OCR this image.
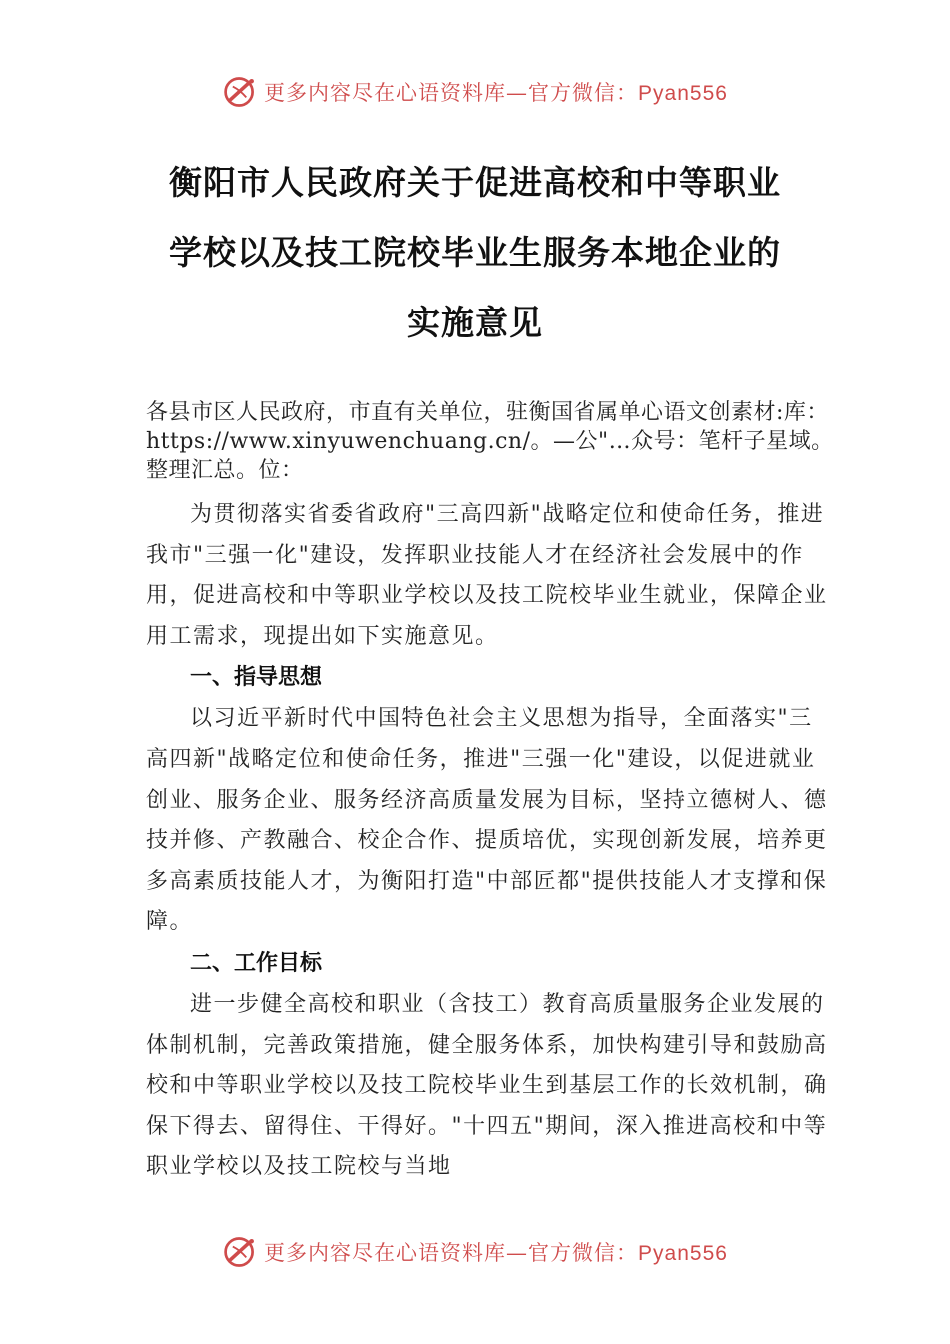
更多内容尽在心语资料库—官方微信：Pyan556
衡阳市人民政府关于促进高校和中等职业
学校以及技工院校毕业生服务本地企业的
实施意见

各县市区人民政府，市直有关单位，驻衡国省属单心语文创素材:库：https://www.xinyuwenchuang.cn/。—公"…众号：笔杆子星域。整理汇总。位：

为贯彻落实省委省政府"三高四新"战略定位和使命任务，推进我市"三强一化"建设，发挥职业技能人才在经济社会发展中的作用，促进高校和中等职业学校以及技工院校毕业生就业，保障企业用工需求，现提出如下实施意见。

一、指导思想

以习近平新时代中国特色社会主义思想为指导，全面落实"三高四新"战略定位和使命任务，推进"三强一化"建设，以促进就业创业、服务企业、服务经济高质量发展为目标，坚持立德树人、德技并修、产教融合、校企合作、提质培优，实现创新发展，培养更多高素质技能人才，为衡阳打造"中部匠都"提供技能人才支撑和保障。

二、工作目标

进一步健全高校和职业（含技工）教育高质量服务企业发展的体制机制，完善政策措施，健全服务体系，加快构建引导和鼓励高校和中等职业学校以及技工院校毕业生到基层工作的长效机制，确保下得去、留得住、干得好。"十四五"期间，深入推进高校和中等职业学校以及技工院校与当地

更多内容尽在心语资料库—官方微信：Pyan556
